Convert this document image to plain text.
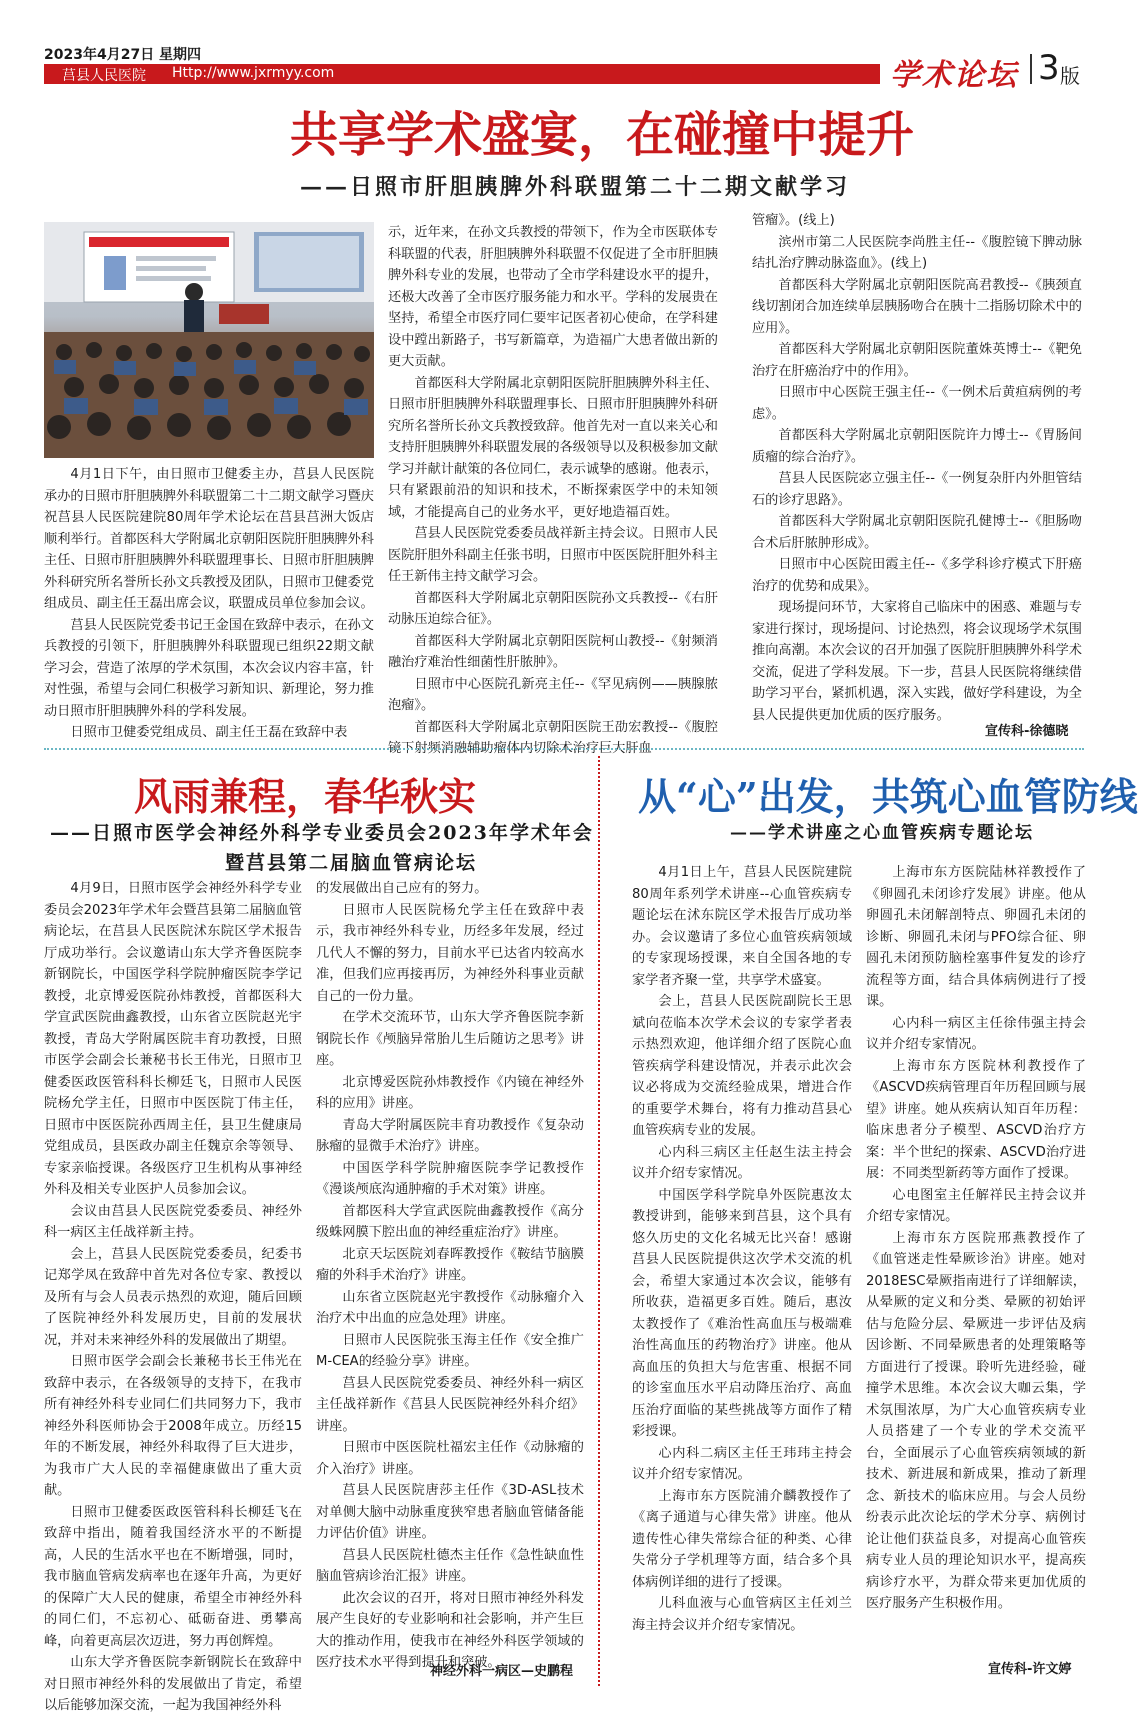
2023年4月27日 星期四
莒县人民医院 Http://www.jxrmyy.com	学术论坛 3 版
共享学术盛宴，在碰撞中提升
——日照市肝胆胰脾外科联盟第二十二期文献学习

4月1日下午，由日照市卫健委主办，莒县人民医院承办的日照市肝胆胰脾外科联盟第二十二期文献学习暨庆祝莒县人民医院建院80周年学术论坛在莒县莒洲大饭店顺利举行。首都医科大学附属北京朝阳医院肝胆胰脾外科主任、日照市肝胆胰脾外科联盟理事长、日照市肝胆胰脾外科研究所名誉所长孙文兵教授及团队，日照市卫健委党组成员、副主任王磊出席会议，联盟成员单位参加会议。

莒县人民医院党委书记王金国在致辞中表示，在孙文兵教授的引领下，肝胆胰脾外科联盟现已组织22期文献学习会，营造了浓厚的学术氛围，本次会议内容丰富，针对性强，希望与会同仁积极学习新知识、新理论，努力推动日照市肝胆胰脾外科的学科发展。

日照市卫健委党组成员、副主任王磊在致辞中表

示，近年来，在孙文兵教授的带领下，作为全市医联体专科联盟的代表，肝胆胰脾外科联盟不仅促进了全市肝胆胰脾外科专业的发展，也带动了全市学科建设水平的提升，还极大改善了全市医疗服务能力和水平。学科的发展贵在坚持，希望全市医疗同仁要牢记医者初心使命，在学科建设中蹚出新路子，书写新篇章，为造福广大患者做出新的更大贡献。

首都医科大学附属北京朝阳医院肝胆胰脾外科主任、日照市肝胆胰脾外科联盟理事长、日照市肝胆胰脾外科研究所名誉所长孙文兵教授致辞。他首先对一直以来关心和支持肝胆胰脾外科联盟发展的各级领导以及积极参加文献学习并献计献策的各位同仁，表示诚挚的感谢。他表示，只有紧跟前沿的知识和技术，不断探索医学中的未知领域，才能提高自己的业务水平，更好地造福百姓。

莒县人民医院党委委员战祥新主持会议。日照市人民医院肝胆外科副主任张书明，日照市中医医院肝胆外科主任王新伟主持文献学习会。

首都医科大学附属北京朝阳医院孙文兵教授--《右肝动脉压迫综合征》。

首都医科大学附属北京朝阳医院柯山教授--《射频消融治疗难治性细菌性肝脓肿》。

日照市中心医院孔新亮主任--《罕见病例——胰腺脓泡瘤》。

首都医科大学附属北京朝阳医院王劭宏教授--《腹腔镜下射频消融辅助瘤体内切除术治疗巨大肝血

管瘤》。(线上)

滨州市第二人民医院李尚胜主任--《腹腔镜下脾动脉结扎治疗脾动脉盗血》。(线上)

首都医科大学附属北京朝阳医院高君教授--《胰颈直线切割闭合加连续单层胰肠吻合在胰十二指肠切除术中的应用》。

首都医科大学附属北京朝阳医院董姝英博士--《靶免治疗在肝癌治疗中的作用》。

日照市中心医院王强主任--《一例术后黄疸病例的考虑》。

首都医科大学附属北京朝阳医院许力博士--《胃肠间质瘤的综合治疗》。

莒县人民医院宓立强主任--《一例复杂肝内外胆管结石的诊疗思路》。

首都医科大学附属北京朝阳医院孔健博士--《胆肠吻合术后肝脓肿形成》。

日照市中心医院田霞主任--《多学科诊疗模式下肝癌治疗的优势和成果》。

现场提问环节，大家将自己临床中的困惑、难题与专家进行探讨，现场提问、讨论热烈，将会议现场学术氛围推向高潮。本次会议的召开加强了医院肝胆胰脾外科学术交流，促进了学科发展。下一步，莒县人民医院将继续借助学习平台，紧抓机遇，深入实践，做好学科建设，为全县人民提供更加优质的医疗服务。

宣传科-徐德晓
风雨兼程，春华秋实
——日照市医学会神经外科学专业委员会2023年学术年会
暨莒县第二届脑血管病论坛

4月9日，日照市医学会神经外科学专业委员会2023年学术年会暨莒县第二届脑血管病论坛，在莒县人民医院沭东院区学术报告厅成功举行。会议邀请山东大学齐鲁医院李新钢院长，中国医学科学院肿瘤医院李学记教授，北京博爱医院孙炜教授，首都医科大学宣武医院曲鑫教授，山东省立医院赵光宇教授，青岛大学附属医院丰育功教授，日照市医学会副会长兼秘书长王伟光，日照市卫健委医政医管科科长柳廷飞，日照市人民医院杨允学主任，日照市中医医院丁伟主任，日照市中医医院孙西周主任，县卫生健康局党组成员，县医政办副主任魏京余等领导、专家亲临授课。各级医疗卫生机构从事神经外科及相关专业医护人员参加会议。

会议由莒县人民医院党委委员、神经外科一病区主任战祥新主持。

会上，莒县人民医院党委委员，纪委书记郑学凤在致辞中首先对各位专家、教授以及所有与会人员表示热烈的欢迎，随后回顾了医院神经外科发展历史，目前的发展状况，并对未来神经外科的发展做出了期望。

日照市医学会副会长兼秘书长王伟光在致辞中表示，在各级领导的支持下，在我市所有神经外科专业同仁们共同努力下，我市神经外科医师协会于2008年成立。历经15年的不断发展，神经外科取得了巨大进步，为我市广大人民的幸福健康做出了重大贡献。

日照市卫健委医政医管科科长柳廷飞在致辞中指出，随着我国经济水平的不断提高，人民的生活水平也在不断增强，同时，我市脑血管病发病率也在逐年升高，为更好的保障广大人民的健康，希望全市神经外科的同仁们，不忘初心、砥砺奋进、勇攀高峰，向着更高层次迈进，努力再创辉煌。

山东大学齐鲁医院李新钢院长在致辞中对日照市神经外科的发展做出了肯定，希望以后能够加深交流，一起为我国神经外科

的发展做出自己应有的努力。

日照市人民医院杨允学主任在致辞中表示，我市神经外科专业，历经多年发展，经过几代人不懈的努力，目前水平已达省内较高水准，但我们应再接再厉，为神经外科事业贡献自己的一份力量。

在学术交流环节，山东大学齐鲁医院李新钢院长作《颅脑异常胎儿生后随访之思考》讲座。

北京博爱医院孙炜教授作《内镜在神经外科的应用》讲座。

青岛大学附属医院丰育功教授作《复杂动脉瘤的显微手术治疗》讲座。

中国医学科学院肿瘤医院李学记教授作《漫谈颅底沟通肿瘤的手术对策》讲座。

首都医科大学宣武医院曲鑫教授作《高分级蛛网膜下腔出血的神经重症治疗》讲座。

北京天坛医院刘春晖教授作《鞍结节脑膜瘤的外科手术治疗》讲座。

山东省立医院赵光宇教授作《动脉瘤介入治疗术中出血的应急处理》讲座。

日照市人民医院张玉海主任作《安全推广M-CEA的经验分享》讲座。

莒县人民医院党委委员、神经外科一病区主任战祥新作《莒县人民医院神经外科介绍》讲座。

日照市中医医院杜福宏主任作《动脉瘤的介入治疗》讲座。

莒县人民医院唐莎主任作《3D-ASL技术对单侧大脑中动脉重度狭窄患者脑血管储备能力评估价值》讲座。

莒县人民医院杜德杰主任作《急性缺血性脑血管病诊治汇报》讲座。

此次会议的召开，将对日照市神经外科发展产生良好的专业影响和社会影响，并产生巨大的推动作用，使我市在神经外科医学领域的医疗技术水平得到提升和突破。

神经外科一病区—史鹏程
从“心”出发，共筑心血管防线
——学术讲座之心血管疾病专题论坛

4月1日上午，莒县人民医院建院80周年系列学术讲座--心血管疾病专题论坛在沭东院区学术报告厅成功举办。会议邀请了多位心血管疾病领域的专家现场授课，来自全国各地的专家学者齐聚一堂，共享学术盛宴。

会上，莒县人民医院副院长王思斌向莅临本次学术会议的专家学者表示热烈欢迎，他详细介绍了医院心血管疾病学科建设情况，并表示此次会议必将成为交流经验成果，增进合作的重要学术舞台，将有力推动莒县心血管疾病专业的发展。

心内科三病区主任赵生法主持会议并介绍专家情况。

中国医学科学院阜外医院惠汝太教授讲到，能够来到莒县，这个具有悠久历史的文化名城无比兴奋！感谢莒县人民医院提供这次学术交流的机会，希望大家通过本次会议，能够有所收获，造福更多百姓。随后，惠汝太教授作了《难治性高血压与极端难治性高血压的药物治疗》讲座。他从高血压的负担大与危害重、根据不同的诊室血压水平启动降压治疗、高血压治疗面临的某些挑战等方面作了精彩授课。

心内科二病区主任王玮玮主持会议并介绍专家情况。

上海市东方医院浦介麟教授作了《离子通道与心律失常》讲座。他从遗传性心律失常综合征的种类、心律失常分子学机理等方面，结合多个具体病例详细的进行了授课。

儿科血液与心血管病区主任刘兰海主持会议并介绍专家情况。

上海市东方医院陆林祥教授作了《卵圆孔未闭诊疗发展》讲座。他从卵圆孔未闭解剖特点、卵圆孔未闭的诊断、卵圆孔未闭与PFO综合征、卵圆孔未闭预防脑栓塞事件复发的诊疗流程等方面，结合具体病例进行了授课。

心内科一病区主任徐伟强主持会议并介绍专家情况。

上海市东方医院林利教授作了《ASCVD疾病管理百年历程回顾与展望》讲座。她从疾病认知百年历程：临床患者分子模型、ASCVD治疗方案：半个世纪的探索、ASCVD治疗进展：不同类型新药等方面作了授课。

心电图室主任解祥民主持会议并介绍专家情况。

上海市东方医院邢燕教授作了《血管迷走性晕厥诊治》讲座。她对2018ESC晕厥指南进行了详细解读，从晕厥的定义和分类、晕厥的初始评估与危险分层、晕厥进一步评估及病因诊断、不同晕厥患者的处理策略等方面进行了授课。聆听先进经验，碰撞学术思维。本次会议大咖云集，学术氛围浓厚，为广大心血管疾病专业人员搭建了一个专业的学术交流平台，全面展示了心血管疾病领域的新技术、新进展和新成果，推动了新理念、新技术的临床应用。与会人员纷纷表示此次论坛的学术分享、病例讨论让他们获益良多，对提高心血管疾病专业人员的理论知识水平，提高疾病诊疗水平，为群众带来更加优质的医疗服务产生积极作用。

宣传科-许文婷
